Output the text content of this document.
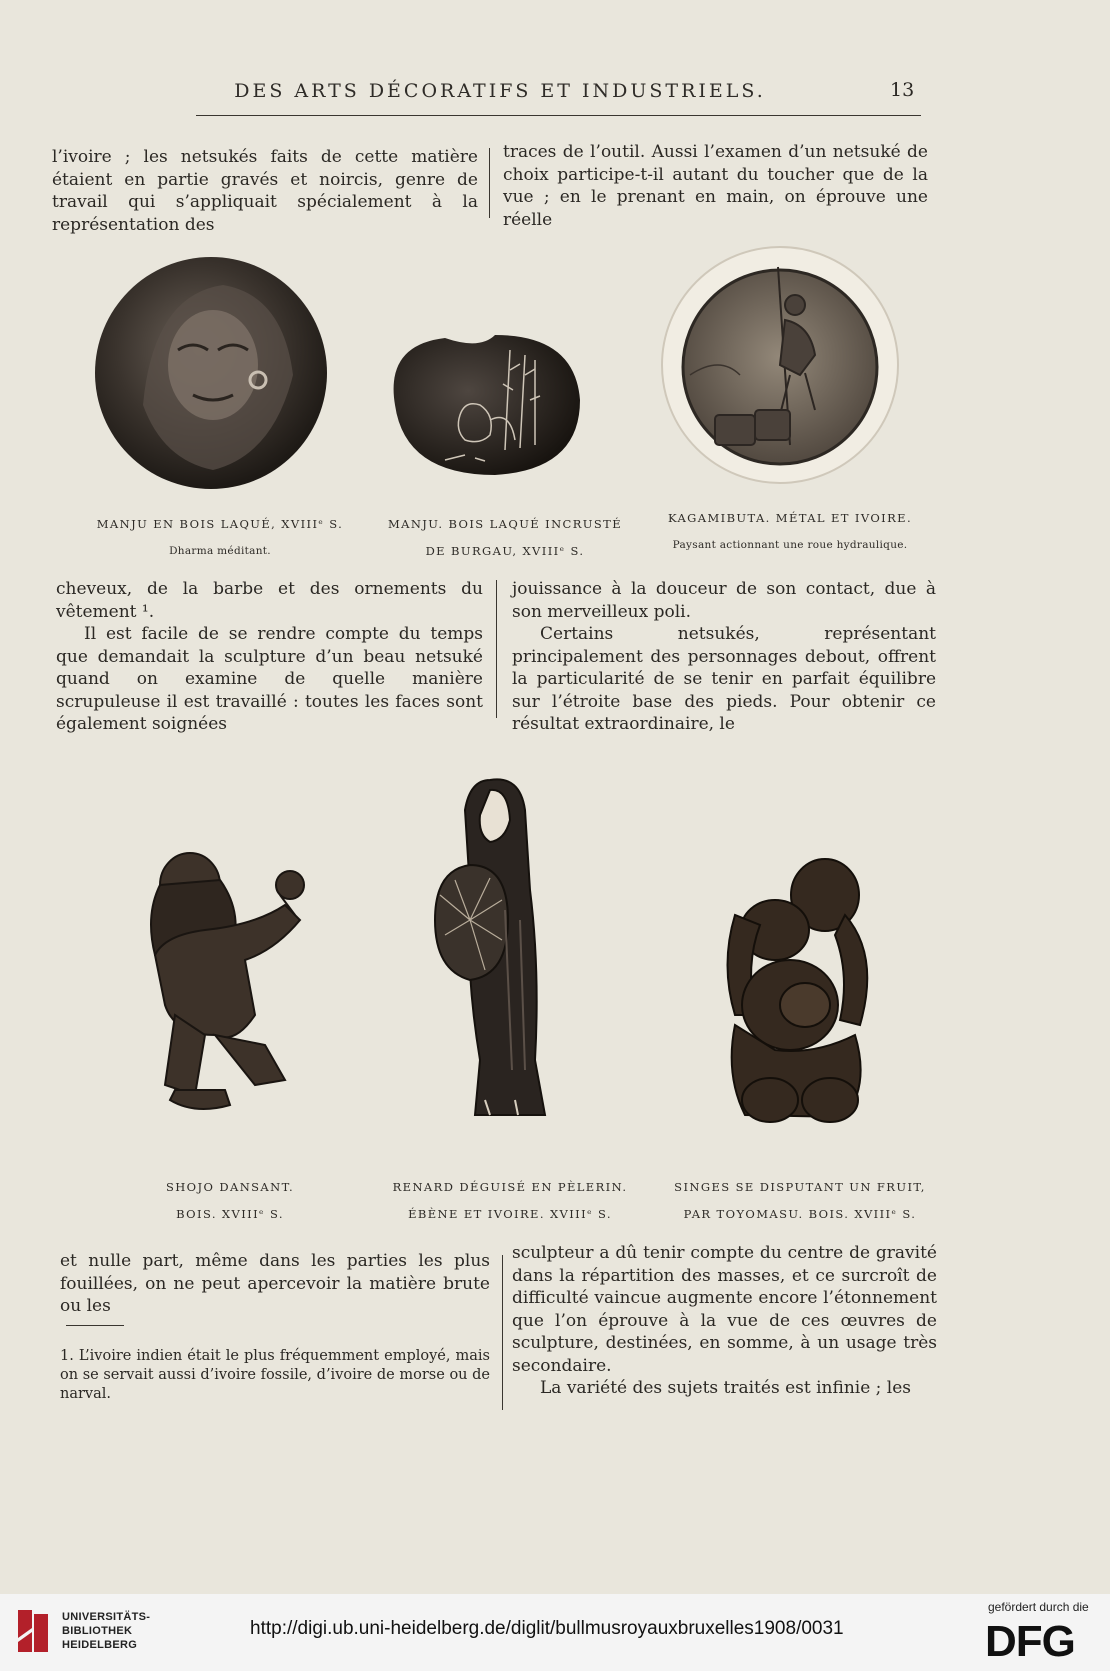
DES ARTS DÉCORATIFS ET INDUSTRIELS.	13

l’ivoire ; les netsukés faits de cette matière étaient en partie gravés et noircis, genre de travail qui s’appliquait spécialement à la représentation des

traces de l’outil. Aussi l’examen d’un netsuké de choix participe-t-il autant du toucher que de la vue ; en le prenant en main, on éprouve une réelle

MANJU EN BOIS LAQUÉ, XVIIIᵉ S.
Dharma méditant.
MANJU. BOIS LAQUÉ INCRUSTÉ
DE BURGAU, XVIIIᵉ S.
KAGAMIBUTA. MÉTAL ET IVOIRE.
Paysant actionnant une roue hydraulique.

cheveux, de la barbe et des ornements du vêtement ¹.

Il est facile de se rendre compte du temps que demandait la sculpture d’un beau netsuké quand on examine de quelle manière scrupuleuse il est travaillé : toutes les faces sont également soignées

jouissance à la douceur de son contact, due à son merveilleux poli.

Certains netsukés, représentant principalement des personnages debout, offrent la particularité de se tenir en parfait équilibre sur l’étroite base des pieds. Pour obtenir ce résultat extraordinaire, le

SHOJO DANSANT.
BOIS. XVIIIᵉ S.
RENARD DÉGUISÉ EN PÈLERIN.
ÉBÈNE ET IVOIRE. XVIIIᵉ S.
SINGES SE DISPUTANT UN FRUIT,
PAR TOYOMASU. BOIS. XVIIIᵉ S.

et nulle part, même dans les parties les plus fouillées, on ne peut apercevoir la matière brute ou les

sculpteur a dû tenir compte du centre de gravité dans la répartition des masses, et ce surcroît de difficulté vaincue augmente encore l’étonnement que l’on éprouve à la vue de ces œuvres de sculpture, destinées, en somme, à un usage très secondaire.

La variété des sujets traités est infinie ; les

1. L’ivoire indien était le plus fréquemment employé, mais on se servait aussi d’ivoire fossile, d’ivoire de morse ou de narval.
UNIVERSITÄTS-
BIBLIOTHEK
HEIDELBERG
http://digi.ub.uni-heidelberg.de/diglit/bullmusroyauxbruxelles1908/0031
gefördert durch die
DFG
